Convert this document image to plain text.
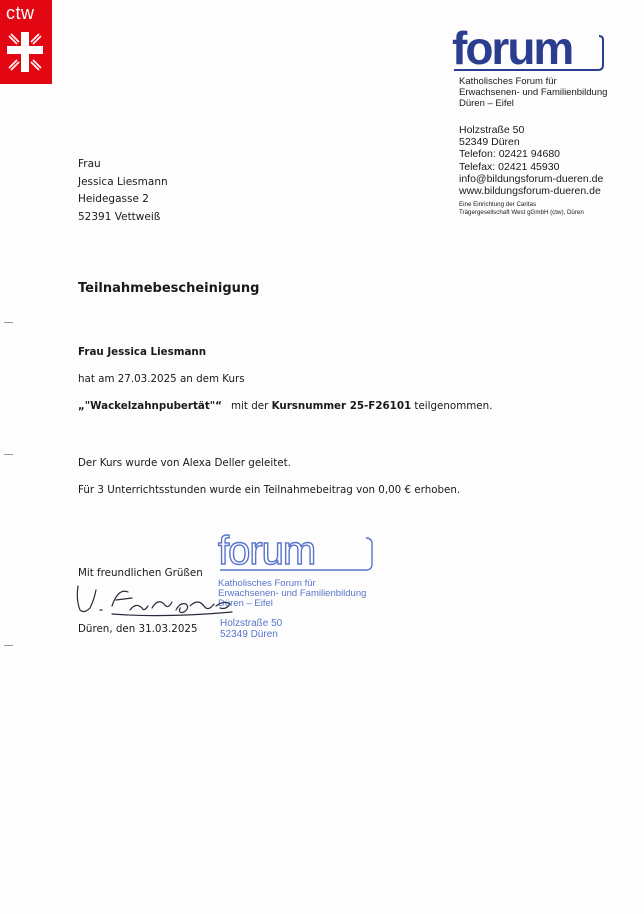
ctw
forum
Katholisches Forum für
Erwachsenen- und Familienbildung
Düren – Eifel
Holzstraße 50
52349 Düren
Telefon: 02421 94680
Telefax: 02421 45930
info@bildungsforum-dueren.de
www.bildungsforum-dueren.de
Eine Einrichtung der Caritas
Trägergesellschaft West gGmbH (ctw), Düren
Frau
Jessica Liesmann
Heidegasse 2
52391 Vettweiß
Teilnahmebescheinigung
Frau Jessica Liesmann
hat am 27.03.2025 an dem Kurs
„"Wackelzahnpubertät"“ mit der Kursnummer 25-F26101 teilgenommen.
Der Kurs wurde von Alexa Deller geleitet.
Für 3 Unterrichtsstunden wurde ein Teilnahmebeitrag von 0,00 € erhoben.
Mit freundlichen Grüßen
Düren, den 31.03.2025
forum
Katholisches Forum für
Erwachsenen- und Familienbildung
Düren – Eifel
Holzstraße 50
52349 Düren
